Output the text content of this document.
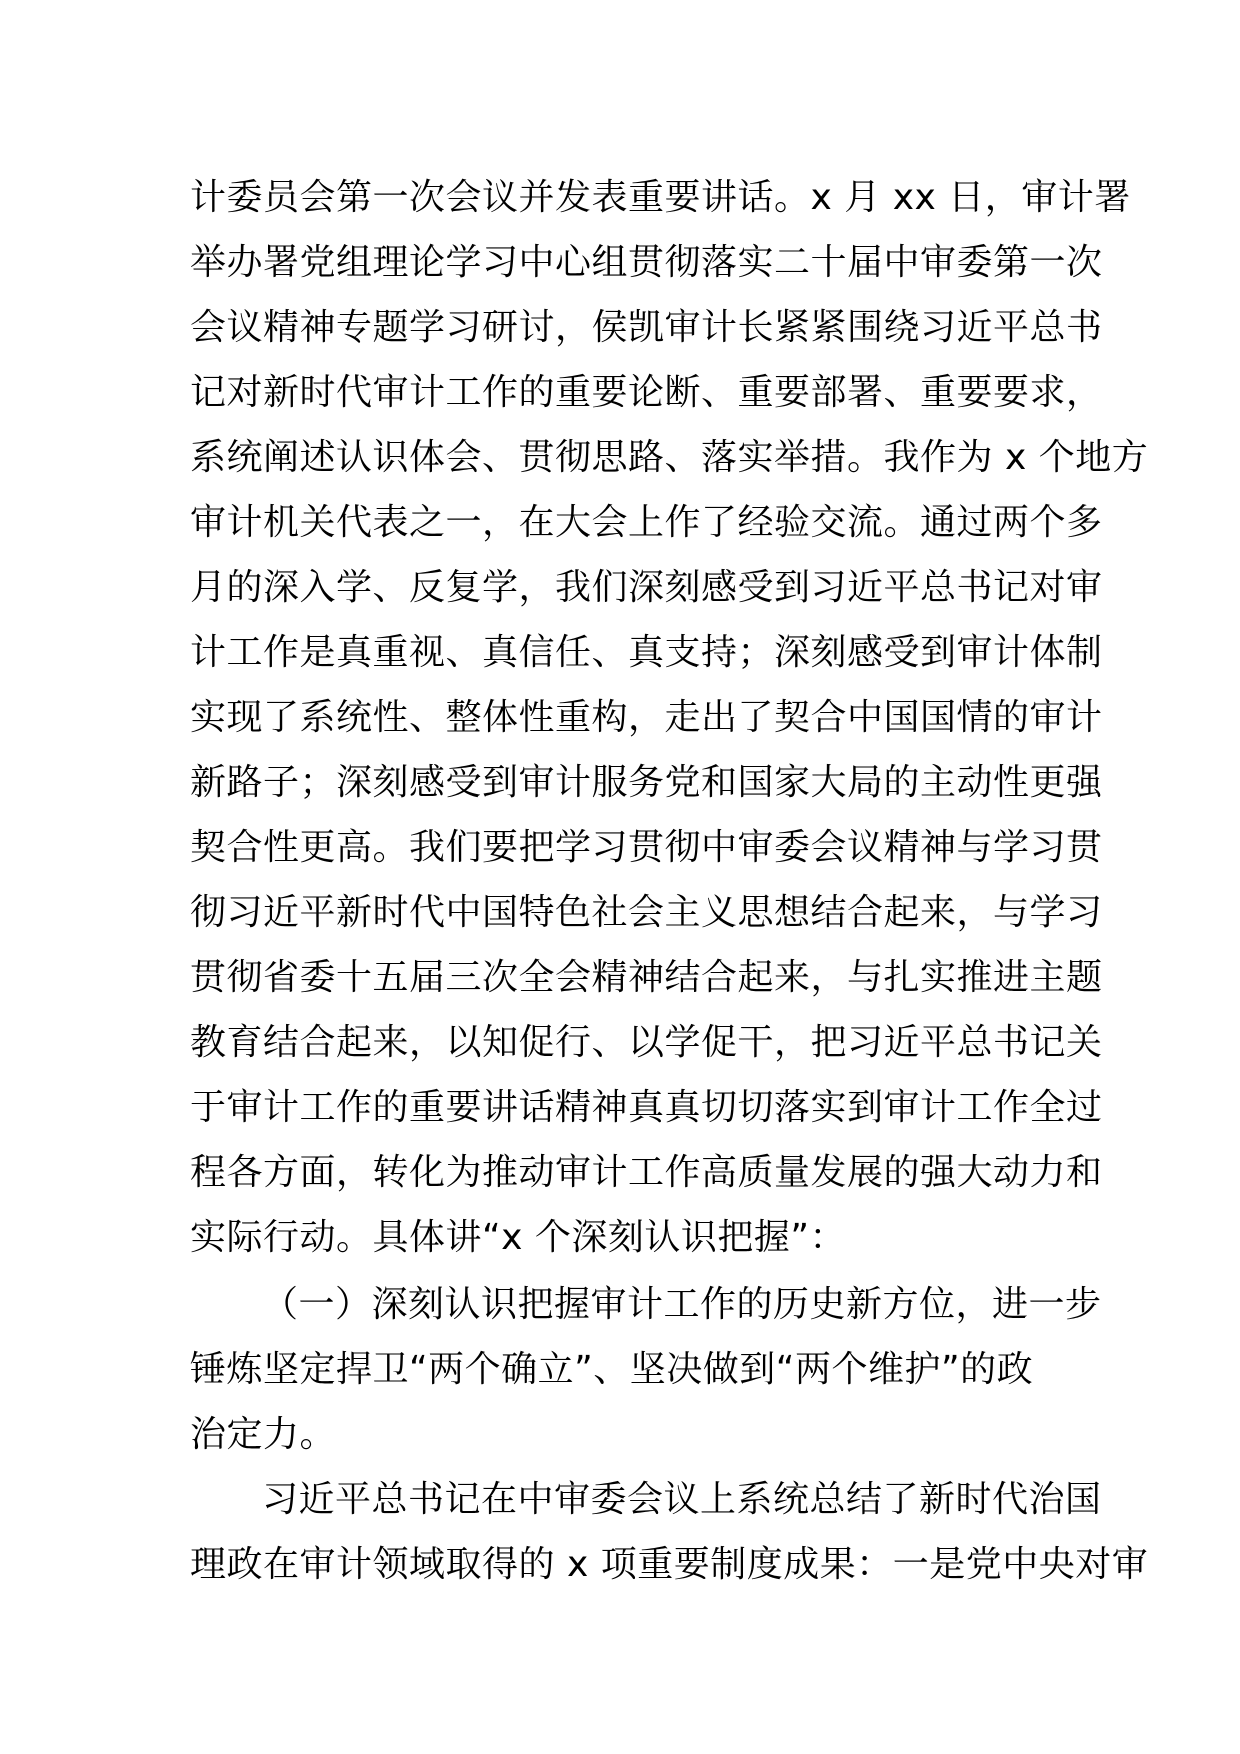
计委员会第一次会议并发表重要讲话。x 月 xx 日，审计署
举办署党组理论学习中心组贯彻落实二十届中审委第一次
会议精神专题学习研讨，侯凯审计长紧紧围绕习近平总书
记对新时代审计工作的重要论断、重要部署、重要要求，
系统阐述认识体会、贯彻思路、落实举措。我作为 x 个地方
审计机关代表之一，在大会上作了经验交流。通过两个多
月的深入学、反复学，我们深刻感受到习近平总书记对审
计工作是真重视、真信任、真支持；深刻感受到审计体制
实现了系统性、整体性重构，走出了契合中国国情的审计
新路子；深刻感受到审计服务党和国家大局的主动性更强
契合性更高。我们要把学习贯彻中审委会议精神与学习贯
彻习近平新时代中国特色社会主义思想结合起来，与学习
贯彻省委十五届三次全会精神结合起来，与扎实推进主题
教育结合起来，以知促行、以学促干，把习近平总书记关
于审计工作的重要讲话精神真真切切落实到审计工作全过
程各方面，转化为推动审计工作高质量发展的强大动力和
实际行动。具体讲“x 个深刻认识把握”：
（一）深刻认识把握审计工作的历史新方位，进一步
锤炼坚定捍卫“两个确立”、坚决做到“两个维护”的政
治定力。
习近平总书记在中审委会议上系统总结了新时代治国
理政在审计领域取得的 x 项重要制度成果：一是党中央对审
